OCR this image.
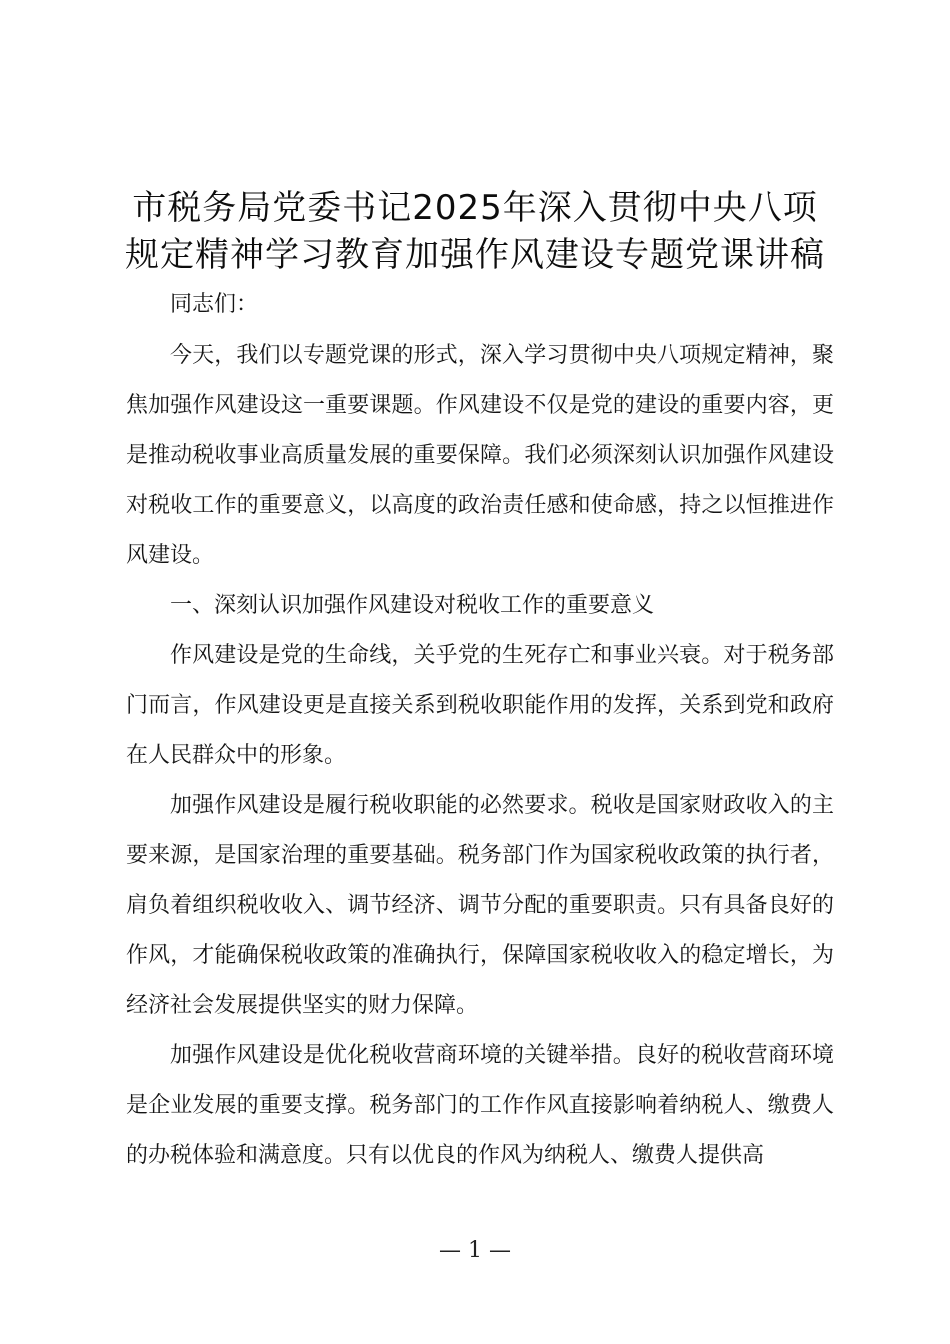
市税务局党委书记2025年深入贯彻中央八项
规定精神学习教育加强作风建设专题党课讲稿

同志们：

今天，我们以专题党课的形式，深入学习贯彻中央八项规定精神，聚焦加强作风建设这一重要课题。作风建设不仅是党的建设的重要内容，更是推动税收事业高质量发展的重要保障。我们必须深刻认识加强作风建设对税收工作的重要意义，以高度的政治责任感和使命感，持之以恒推进作风建设。

一、深刻认识加强作风建设对税收工作的重要意义

作风建设是党的生命线，关乎党的生死存亡和事业兴衰。对于税务部门而言，作风建设更是直接关系到税收职能作用的发挥，关系到党和政府在人民群众中的形象。

加强作风建设是履行税收职能的必然要求。税收是国家财政收入的主要来源，是国家治理的重要基础。税务部门作为国家税收政策的执行者，肩负着组织税收收入、调节经济、调节分配的重要职责。只有具备良好的作风，才能确保税收政策的准确执行，保障国家税收收入的稳定增长，为经济社会发展提供坚实的财力保障。

加强作风建设是优化税收营商环境的关键举措。良好的税收营商环境是企业发展的重要支撑。税务部门的工作作风直接影响着纳税人、缴费人的办税体验和满意度。只有以优良的作风为纳税人、缴费人提供高

— 1 —
